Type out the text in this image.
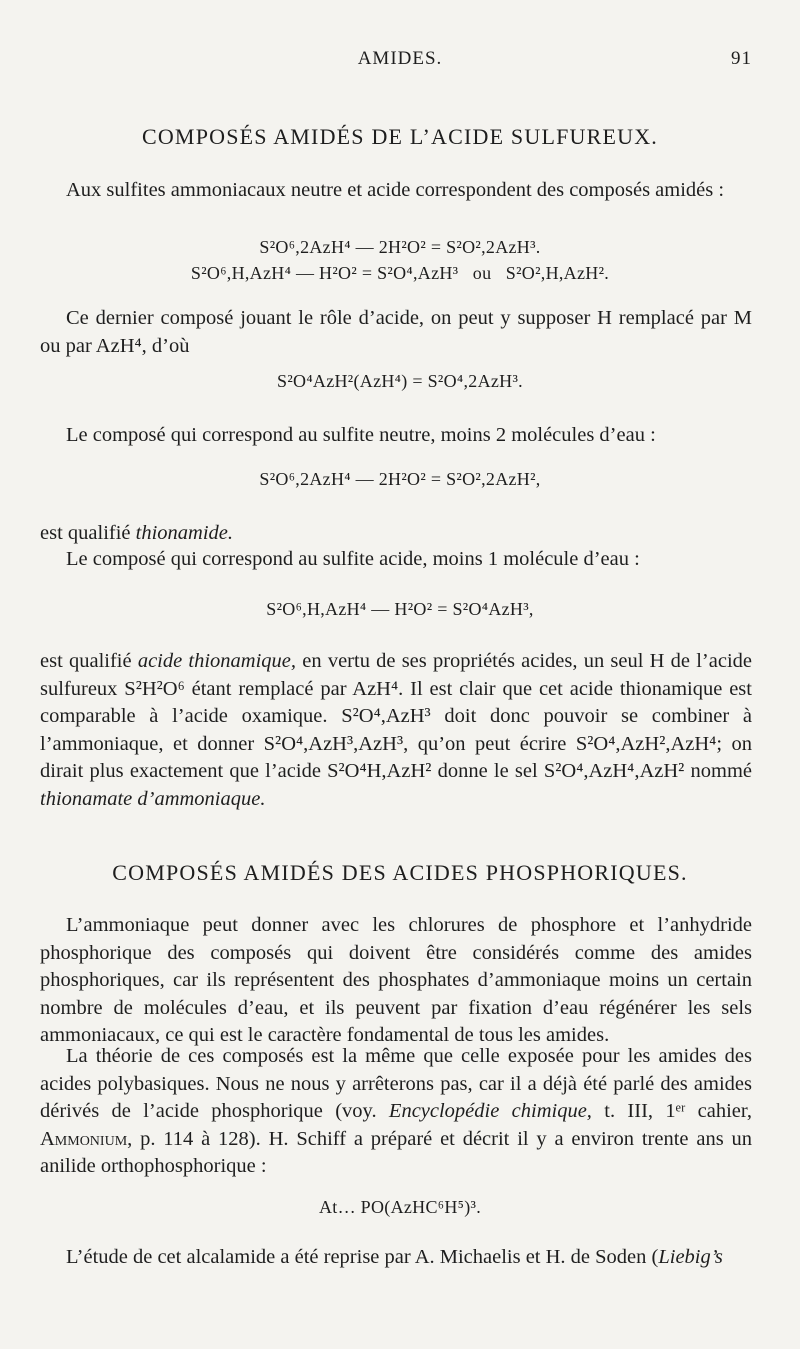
AMIDES.	91
COMPOSÉS AMIDÉS DE L’ACIDE SULFUREUX.
Aux sulfites ammoniacaux neutre et acide correspondent des composés amidés :
S²O⁶,2AzH⁴ — 2H²O² = S²O²,2AzH³.
S²O⁶,H,AzH⁴ — H²O² = S²O⁴,AzH³ ou S²O²,H,AzH².
Ce dernier composé jouant le rôle d’acide, on peut y supposer H remplacé par M ou par AzH⁴, d’où
S²O⁴AzH²(AzH⁴) = S²O⁴,2AzH³.
Le composé qui correspond au sulfite neutre, moins 2 molécules d’eau :
S²O⁶,2AzH⁴ — 2H²O² = S²O²,2AzH²,
est qualifié thionamide.
Le composé qui correspond au sulfite acide, moins 1 molécule d’eau :
S²O⁶,H,AzH⁴ — H²O² = S²O⁴AzH³,
est qualifié acide thionamique, en vertu de ses propriétés acides, un seul H de l’acide sulfureux S²H²O⁶ étant remplacé par AzH⁴. Il est clair que cet acide thionamique est comparable à l’acide oxamique. S²O⁴,AzH³ doit donc pouvoir se combiner à l’ammoniaque, et donner S²O⁴,AzH³,AzH³, qu’on peut écrire S²O⁴,AzH²,AzH⁴; on dirait plus exactement que l’acide S²O⁴H,AzH² donne le sel S²O⁴,AzH⁴,AzH² nommé thionamate d’ammoniaque.
COMPOSÉS AMIDÉS DES ACIDES PHOSPHORIQUES.
L’ammoniaque peut donner avec les chlorures de phosphore et l’anhydride phosphorique des composés qui doivent être considérés comme des amides phosphoriques, car ils représentent des phosphates d’ammoniaque moins un certain nombre de molécules d’eau, et ils peuvent par fixation d’eau régénérer les sels ammoniacaux, ce qui est le caractère fondamental de tous les amides.
La théorie de ces composés est la même que celle exposée pour les amides des acides polybasiques. Nous ne nous y arrêterons pas, car il a déjà été parlé des amides dérivés de l’acide phosphorique (voy. Encyclopédie chimique, t. III, 1ᵉʳ cahier, Ammonium, p. 114 à 128). H. Schiff a préparé et décrit il y a environ trente ans un anilide orthophosphorique :
At… PO(AzHC⁶H⁵)³.
L’étude de cet alcalamide a été reprise par A. Michaelis et H. de Soden (Liebig’s
